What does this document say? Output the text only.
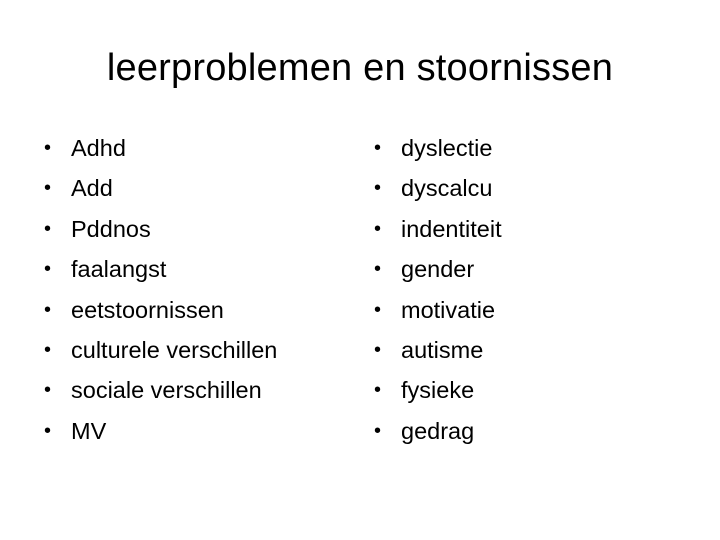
leerproblemen en stoornissen
• Adhd
• Add
• Pddnos
• faalangst
• eetstoornissen
• culturele verschillen
• sociale verschillen
• MV
• dyslectie
• dyscalcu
• indentiteit
• gender
• motivatie
• autisme
• fysieke
• gedrag
